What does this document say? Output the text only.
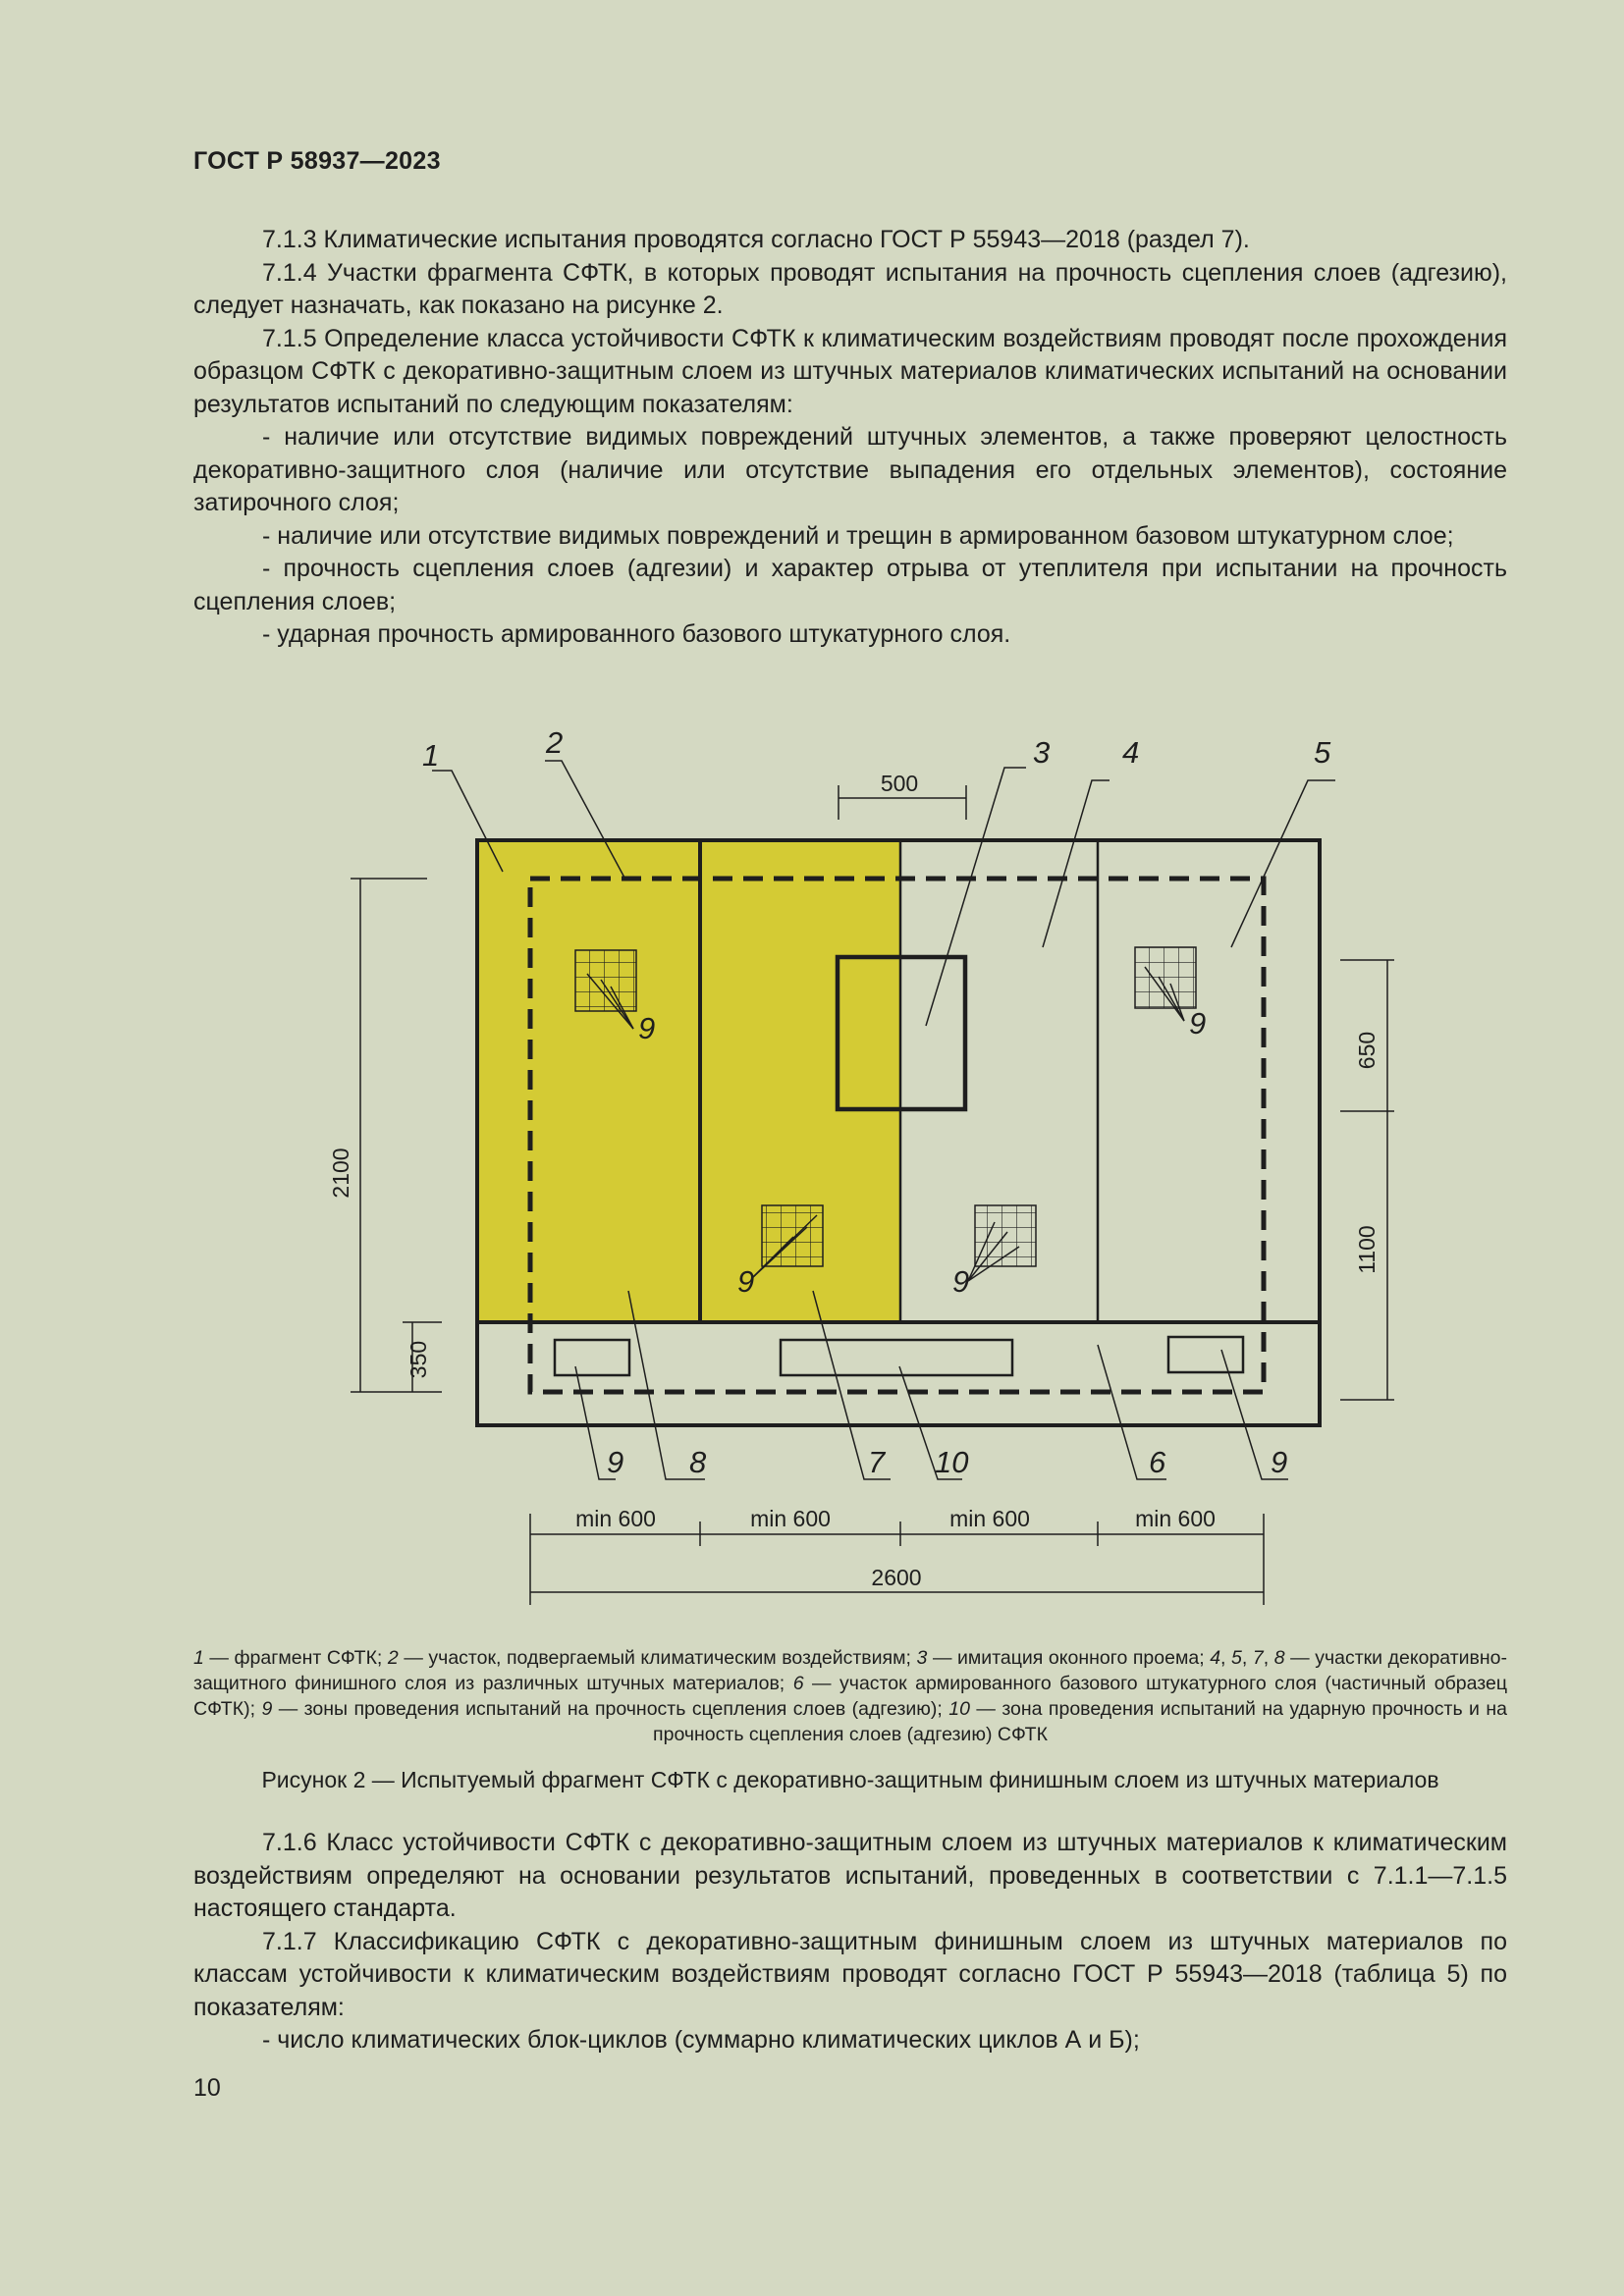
ГОСТ Р 58937—2023

7.1.3 Климатические испытания проводятся согласно ГОСТ Р 55943—2018 (раздел 7).

7.1.4 Участки фрагмента СФТК, в которых проводят испытания на прочность сцепления слоев (адгезию), следует назначать, как показано на рисунке 2.

7.1.5 Определение класса устойчивости СФТК к климатическим воздействиям проводят после прохождения образцом СФТК с декоративно-защитным слоем из штучных материалов климатических испытаний на основании результатов испытаний по следующим показателям:

- наличие или отсутствие видимых повреждений штучных элементов, а также проверяют целостность декоративно-защитного слоя (наличие или отсутствие выпадения его отдельных элементов), состояние затирочного слоя;

- наличие или отсутствие видимых повреждений и трещин в армированном базовом штукатурном слое;

- прочность сцепления слоев (адгезии) и характер отрыва от утеплителя при испытании на прочность сцепления слоев;

- ударная прочность армированного базового штукатурного слоя.

500
2100
350
650
1100
min 600	min 600	min 600	min 600
2600
1	2	3 4	5
9
9	9
9
9 8	7 10	6	9
1 — фрагмент СФТК; 2 — участок, подвергаемый климатическим воздействиям; 3 — имитация оконного проема; 4, 5, 7, 8 — участки декоративно-защитного финишного слоя из различных штучных материалов; 6 — участок армированного базового штукатурного слоя (частичный образец СФТК); 9 — зоны проведения испытаний на прочность сцепления слоев (адгезию); 10 — зона проведения испытаний на ударную прочность и на прочность сцепления слоев (адгезию) СФТК
Рисунок 2 — Испытуемый фрагмент СФТК с декоративно-защитным финишным слоем из штучных материалов

7.1.6 Класс устойчивости СФТК с декоративно-защитным слоем из штучных материалов к климатическим воздействиям определяют на основании результатов испытаний, проведенных в соответствии с 7.1.1—7.1.5 настоящего стандарта.

7.1.7 Классификацию СФТК с декоративно-защитным финишным слоем из штучных материалов по классам устойчивости к климатическим воздействиям проводят согласно ГОСТ Р 55943—2018 (таблица 5) по показателям:

- число климатических блок-циклов (суммарно климатических циклов А и Б);

10
